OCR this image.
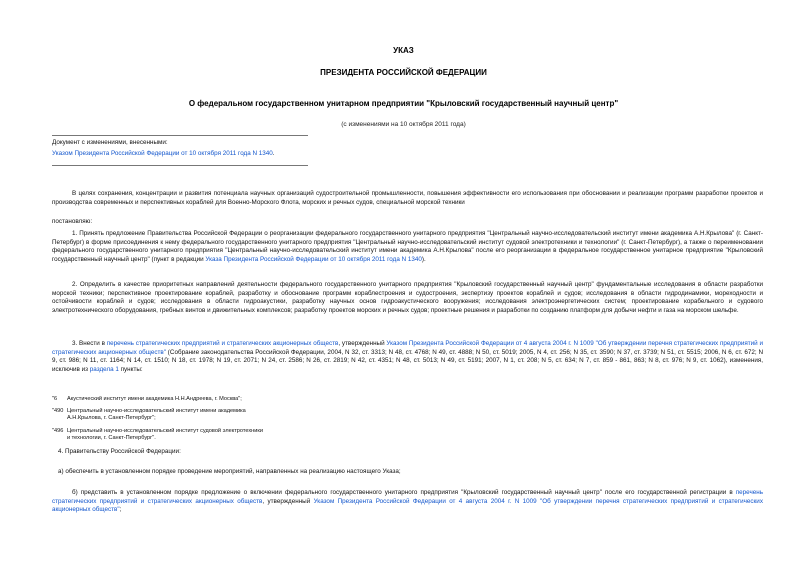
УКАЗ
ПРЕЗИДЕНТА РОССИЙСКОЙ ФЕДЕРАЦИИ
О федеральном государственном унитарном предприятии "Крыловский государственный научный центр"
(с изменениями на 10 октября 2011 года)
Документ с изменениями, внесенными:
Указом Президента Российской Федерации от 10 октября 2011 года N 1340.
В целях сохранения, концентрации и развития потенциала научных организаций судостроительной промышленности, повышения эффективности его использования при обосновании и реализации программ разработки проектов и производства современных и перспективных кораблей для Военно-Морского Флота, морских и речных судов, специальной морской техники
постановляю:
1. Принять предложение Правительства Российской Федерации о реорганизации федерального государственного унитарного предприятия "Центральный научно-исследовательский институт имени академика А.Н.Крылова" (г. Санкт-Петербург) в форме присоединения к нему федерального государственного унитарного предприятия "Центральный научно-исследовательский институт судовой электротехники и технологии" (г. Санкт-Петербург), а также о переименовании федерального государственного унитарного предприятия "Центральный научно-исследовательский институт имени академика А.Н.Крылова" после его реорганизации в федеральное государственное унитарное предприятие "Крыловский государственный научный центр" (пункт в редакции Указа Президента Российской Федерации от 10 октября 2011 года N 1340).
2. Определить в качестве приоритетных направлений деятельности федерального государственного унитарного предприятия "Крыловский государственный научный центр" фундаментальные исследования в области разработки морской техники; перспективное проектирование кораблей, разработку и обоснование программ кораблестроения и судостроения, экспертизу проектов кораблей и судов; исследования в области гидродинамики, мореходности и остойчивости кораблей и судов; исследования в области гидроакустики, разработку научных основ гидроакустического вооружения; исследования электроэнергетических систем; проектирование корабельного и судового электротехнического оборудования, гребных винтов и движительных комплексов; разработку проектов морских и речных судов; проектные решения и разработки по созданию платформ для добычи нефти и газа на морском шельфе.
3. Внести в перечень стратегических предприятий и стратегических акционерных обществ, утвержденный Указом Президента Российской Федерации от 4 августа 2004 г. N 1009 "Об утверждении перечня стратегических предприятий и стратегических акционерных обществ" (Собрание законодательства Российской Федерации, 2004, N 32, ст. 3313; N 48, ст. 4768; N 49, ст. 4888; N 50, ст. 5019; 2005, N 4, ст. 256; N 35, ст. 3590; N 37, ст. 3739; N 51, ст. 5515; 2006, N 6, ст. 672; N 9, ст. 986; N 11, ст. 1164; N 14, ст. 1510; N 18, ст. 1978; N 19, ст. 2071; N 24, ст. 2586; N 26, ст. 2819; N 42, ст. 4351; N 48, ст. 5013; N 49, ст. 5191; 2007, N 1, ст. 208; N 5, ст. 634; N 7, ст. 859 - 861, 863; N 8, ст. 976; N 9, ст. 1062), изменения, исключив из раздела 1 пункты:
"6	Акустический институт имени академика Н.Н.Андреева, г. Москва";
"490 Центральный научно-исследовательский институт имени академика А.Н.Крылова, г. Санкт-Петербург";
"496 Центральный научно-исследовательский институт судовой электротехники и технологии, г. Санкт-Петербург".
4. Правительству Российской Федерации:
а) обеспечить в установленном порядке проведение мероприятий, направленных на реализацию настоящего Указа;
б) представить в установленном порядке предложение о включении федерального государственного унитарного предприятия "Крыловский государственный научный центр" после его государственной регистрации в перечень стратегических предприятий и стратегических акционерных обществ, утвержденный Указом Президента Российской Федерации от 4 августа 2004 г. N 1009 "Об утверждении перечня стратегических предприятий и стратегических акционерных обществ";
